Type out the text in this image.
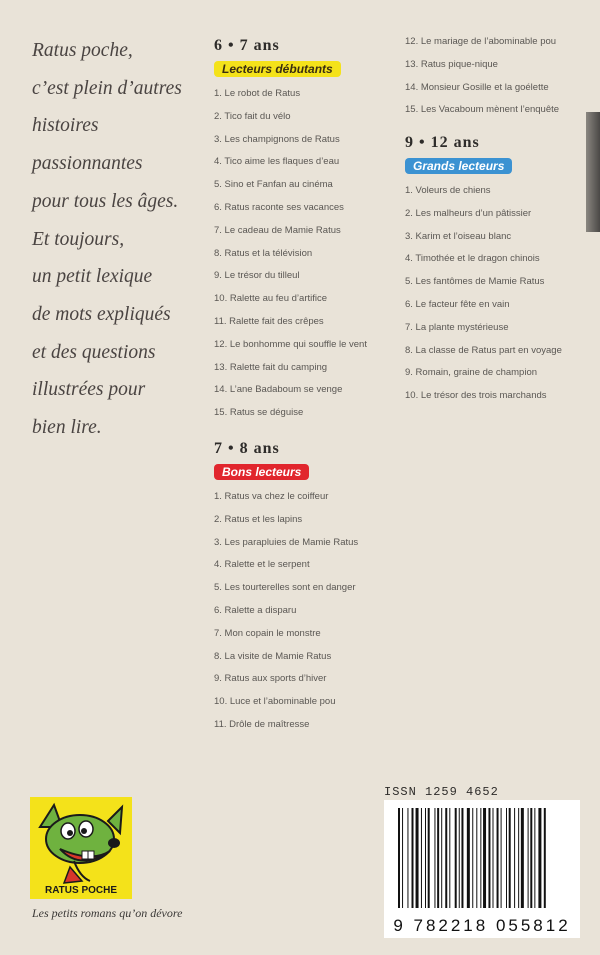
Ratus poche,
c’est plein d’autres
histoires
passionnantes
pour tous les âges.
Et toujours,
un petit lexique
de mots expliqués
et des questions
illustrées pour
bien lire.
6 • 7 ans
Lecteurs débutants
1. Le robot de Ratus
2. Tico fait du vélo
3. Les champignons de Ratus
4. Tico aime les flaques d’eau
5. Sino et Fanfan au cinéma
6. Ratus raconte ses vacances
7. Le cadeau de Mamie Ratus
8. Ratus et la télévision
9. Le trésor du tilleul
10. Ralette au feu d’artifice
11. Ralette fait des crêpes
12. Le bonhomme qui souffle le vent
13. Ralette fait du camping
14. L’ane Badaboum se venge
15. Ratus se déguise
7 • 8 ans
Bons lecteurs
1. Ratus va chez le coiffeur
2. Ratus et les lapins
3. Les parapluies de Mamie Ratus
4. Ralette et le serpent
5. Les tourterelles sont en danger
6. Ralette a disparu
7. Mon copain le monstre
8. La visite de Mamie Ratus
9. Ratus aux sports d’hiver
10. Luce et l’abominable pou
11. Drôle de maîtresse
12. Le mariage de l’abominable pou
13. Ratus pique-nique
14. Monsieur Gosille et la goélette
15. Les Vacaboum mènent l’enquête
9 • 12 ans
Grands lecteurs
1. Voleurs de chiens
2. Les malheurs d’un pâtissier
3. Karim et l’oiseau blanc
4. Timothée et le dragon chinois
5. Les fantômes de Mamie Ratus
6. Le facteur fête en vain
7. La plante mystérieuse
8. La classe de Ratus part en voyage
9. Romain, graine de champion
10. Le trésor des trois marchands
ISSN 1259 4652
9 782218 055812
RATUS POCHE
Les petits romans qu’on dévore
